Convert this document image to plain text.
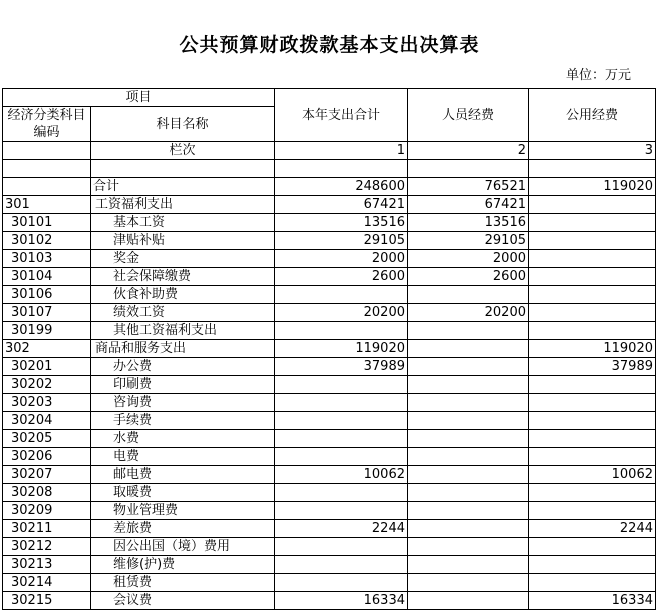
公共预算财政拨款基本支出决算表
单位：万元
项目		本年支出合计	人员经费	公用经费
经济分类科目编码	科目名称			

	栏次	1	2	3

	合计	248600	76521	119020
301	工资福利支出	67421	67421	
30101	基本工资	13516	13516	
30102	津贴补贴	29105	29105	
30103	奖金	2000	2000	
30104	社会保障缴费	2600	2600	
30106	伙食补助费			
30107	绩效工资	20200	20200	
30199	其他工资福利支出			
302	商品和服务支出	119020		119020
30201	办公费	37989		37989
30202	印刷费			
30203	咨询费			
30204	手续费			
30205	水费			
30206	电费			
30207	邮电费	10062		10062
30208	取暖费			
30209	物业管理费			
30211	差旅费	2244		2244
30212	因公出国（境）费用			
30213	维修(护)费			
30214	租赁费			
30215	会议费	16334		16334
